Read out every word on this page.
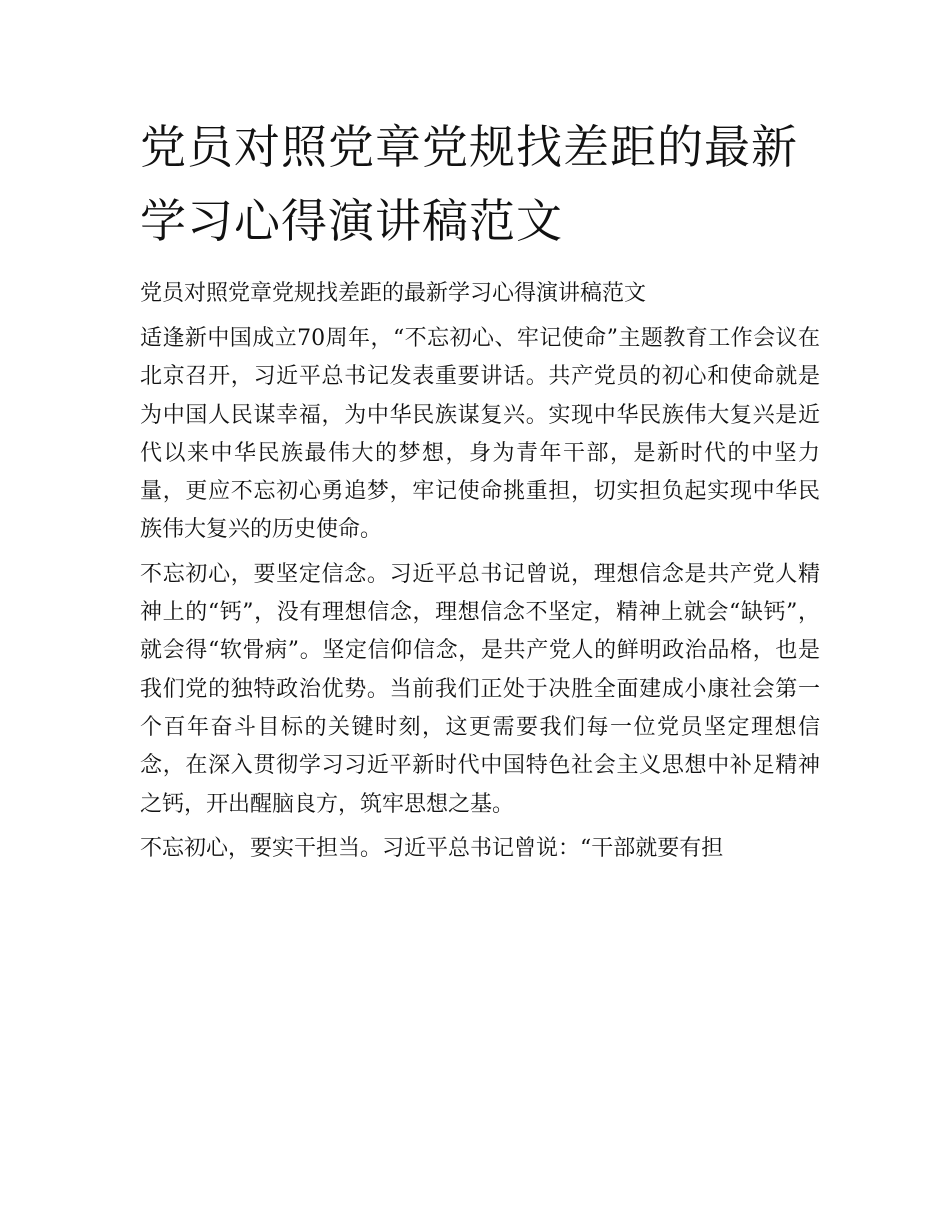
党员对照党章党规找差距的最新学习心得演讲稿范文

党员对照党章党规找差距的最新学习心得演讲稿范文

适逢新中国成立70周年，“不忘初心、牢记使命”主题教育工作会议在北京召开，习近平总书记发表重要讲话。共产党员的初心和使命就是为中国人民谋幸福，为中华民族谋复兴。实现中华民族伟大复兴是近代以来中华民族最伟大的梦想，身为青年干部，是新时代的中坚力量，更应不忘初心勇追梦，牢记使命挑重担，切实担负起实现中华民族伟大复兴的历史使命。

不忘初心，要坚定信念。习近平总书记曾说，理想信念是共产党人精神上的“钙”，没有理想信念，理想信念不坚定，精神上就会“缺钙”，就会得“软骨病”。坚定信仰信念，是共产党人的鲜明政治品格，也是我们党的独特政治优势。当前我们正处于决胜全面建成小康社会第一个百年奋斗目标的关键时刻，这更需要我们每一位党员坚定理想信念，在深入贯彻学习习近平新时代中国特色社会主义思想中补足精神之钙，开出醒脑良方，筑牢思想之基。

不忘初心，要实干担当。习近平总书记曾说：“干部就要有担
